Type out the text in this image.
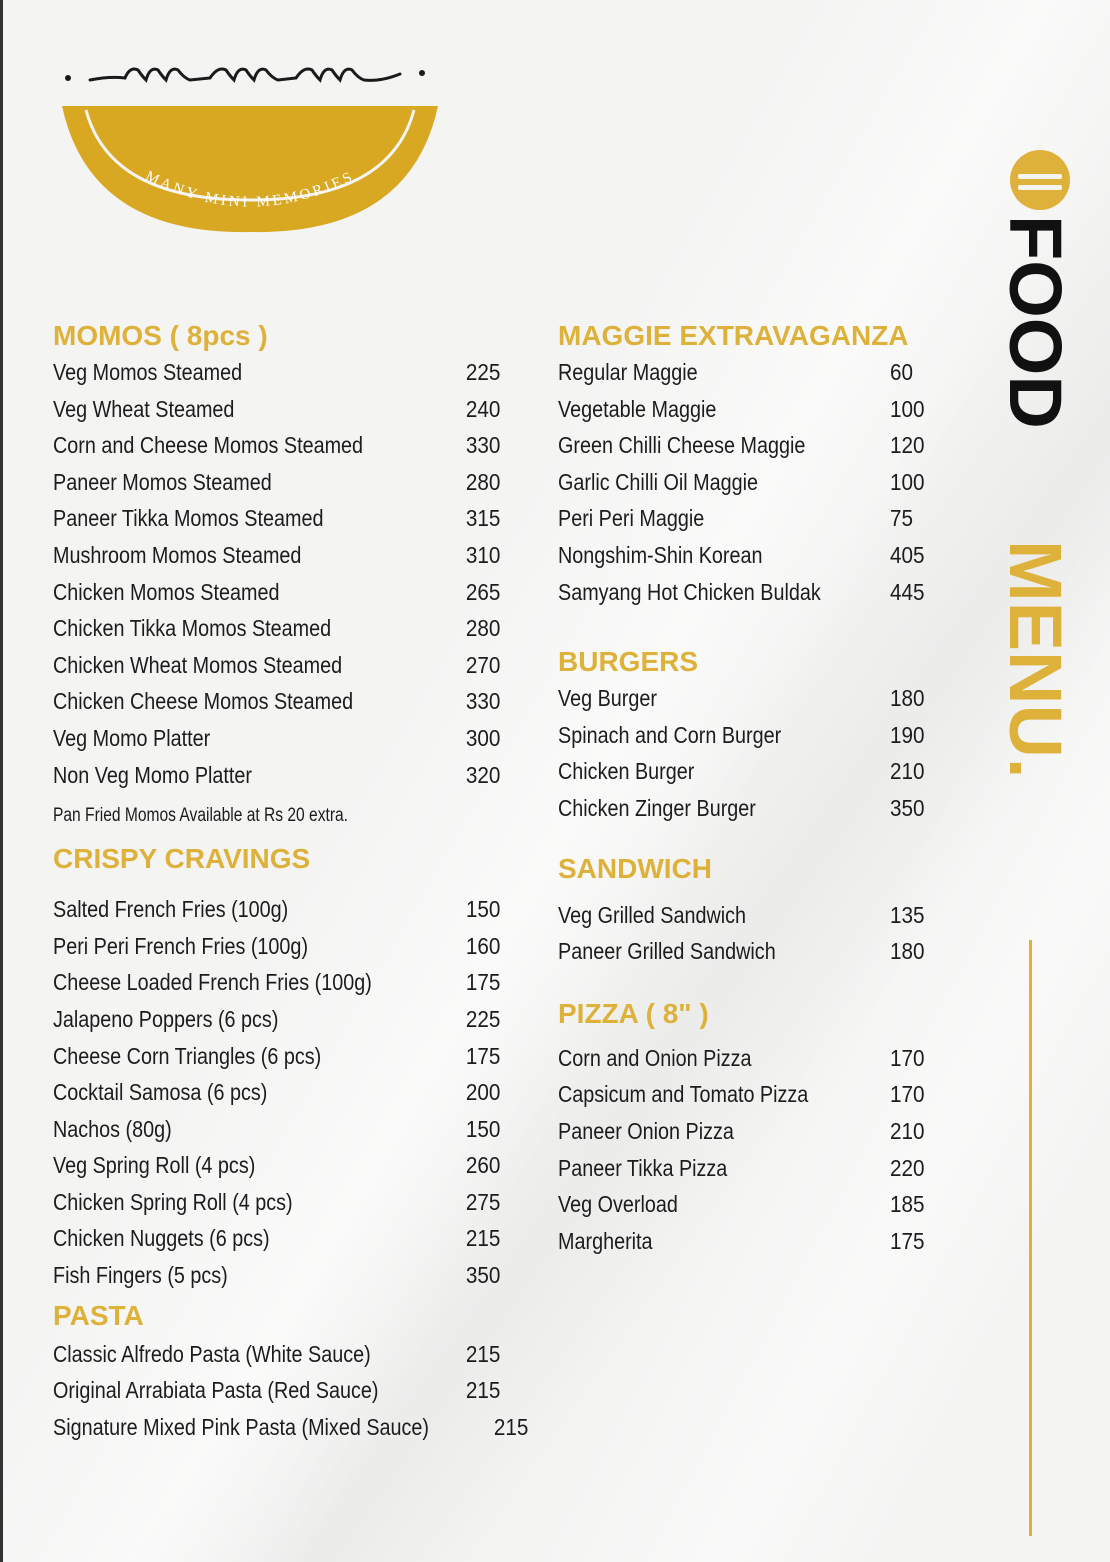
MANY MINI MEMORIES
MOMOS ( 8pcs )
Veg Momos Steamed	225
Veg Wheat Steamed	240
Corn and Cheese Momos Steamed	330
Paneer Momos Steamed	280
Paneer Tikka Momos Steamed	315
Mushroom Momos Steamed	310
Chicken Momos Steamed	265
Chicken Tikka Momos Steamed	280
Chicken Wheat Momos Steamed	270
Chicken Cheese Momos Steamed	330
Veg Momo Platter	300
Non Veg Momo Platter	320
Pan Fried Momos Available at Rs 20 extra.
CRISPY CRAVINGS
Salted French Fries (100g)	150
Peri Peri French Fries (100g)	160
Cheese Loaded French Fries (100g)	175
Jalapeno Poppers (6 pcs)	225
Cheese Corn Triangles (6 pcs)	175
Cocktail Samosa (6 pcs)	200
Nachos (80g)	150
Veg Spring Roll (4 pcs)	260
Chicken Spring Roll (4 pcs)	275
Chicken Nuggets (6 pcs)	215
Fish Fingers (5 pcs)	350
PASTA
Classic Alfredo Pasta (White Sauce)	215
Original Arrabiata Pasta (Red Sauce)	215
Signature Mixed Pink Pasta (Mixed Sauce)	215
MAGGIE EXTRAVAGANZA
Regular Maggie	60
Vegetable Maggie	100
Green Chilli Cheese Maggie	120
Garlic Chilli Oil Maggie	100
Peri Peri Maggie	75
Nongshim-Shin Korean	405
Samyang Hot Chicken Buldak	445
BURGERS
Veg Burger	180
Spinach and Corn Burger	190
Chicken Burger	210
Chicken Zinger Burger	350
SANDWICH
Veg Grilled Sandwich	135
Paneer Grilled Sandwich	180
PIZZA ( 8" )
Corn and Onion Pizza	170
Capsicum and Tomato Pizza	170
Paneer Onion Pizza	210
Paneer Tikka Pizza	220
Veg Overload	185
Margherita	175
FOOD
MENU.
